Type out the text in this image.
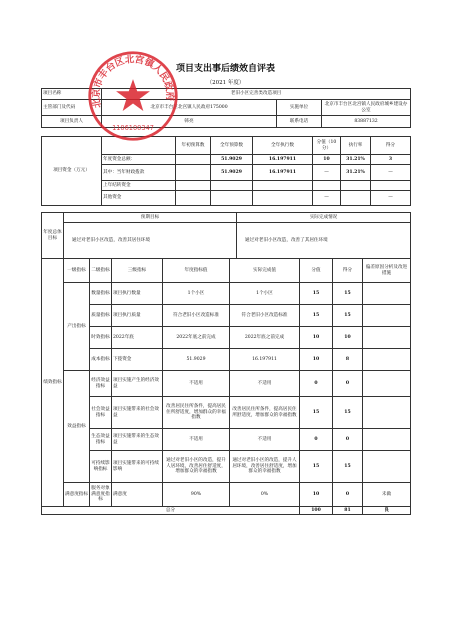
项目支出事后绩效自评表
（2021 年度）
项目名称	老旧小区完善类改造项目		
主管部门及代码	北京市丰台区北宫镇人民政府175000	实施单位	北京市丰台区北宫镇人民政府城乡建设办公室
项目负责人	韩亮	联系电话	83887132
项目资金（万元）		年初预算数	全年预算数	全年执行数	分值（10分）	执行率	得分
	年度资金总额：		51.9029	16.197911	10	31.21%	3
	其中：当年财政拨款		51.9029	16.197911	—	31.21%	—
	上年结转资金						
	其他资金				—		—
年度总体目标	预期目标	实际完成情况
	通过对老旧小区改造，改善其居住环境	通过对老旧小区改造，改善了其居住环境
绩效指标	一级指标	二级指标	三级指标	年度指标值	实际完成值	分值	得分	偏差原因分析及改进措施
	产出指标	数量指标	项目执行数量	1个小区	1个小区	15	15	
		质量指标	项目执行质量	符合老旧小区改造标准	符合老旧小区改造标准	15	15	
		时效指标	2022年底	2022年底之前完成	2022年底之前完成	10	10	
		成本指标	下拨资金	51.9029	16.197911	10	8	
	效益指标	经济效益指标	项目实施产生的经济效益	不适用	不适用	0	0	
		社会效益指标	项目实施带来的社会效益	改善居民住所条件，提高居民住所舒适度，增加群众的幸福指数	改善居民住所条件，提高居民住所舒适度，增加群众的幸福指数	15	15	
		生态效益指标	项目实施带来的生态效益	不适用	不适用	0	0	
		可持续影响指标	项目实施带来的可持续影响	通过对老旧小区的改造，提升人居环境，改善居住舒适度，增加群众的幸福指数	通过对老旧小区的改造，提升人居环境，改善居住舒适度，增加群众的幸福指数	15	15	
	满意度指标	服务对象满意度指标	满意度	90%	0%	10	0	未做
总分						100	81	良
北京市丰台区北宫镇人民政府
1106100347
